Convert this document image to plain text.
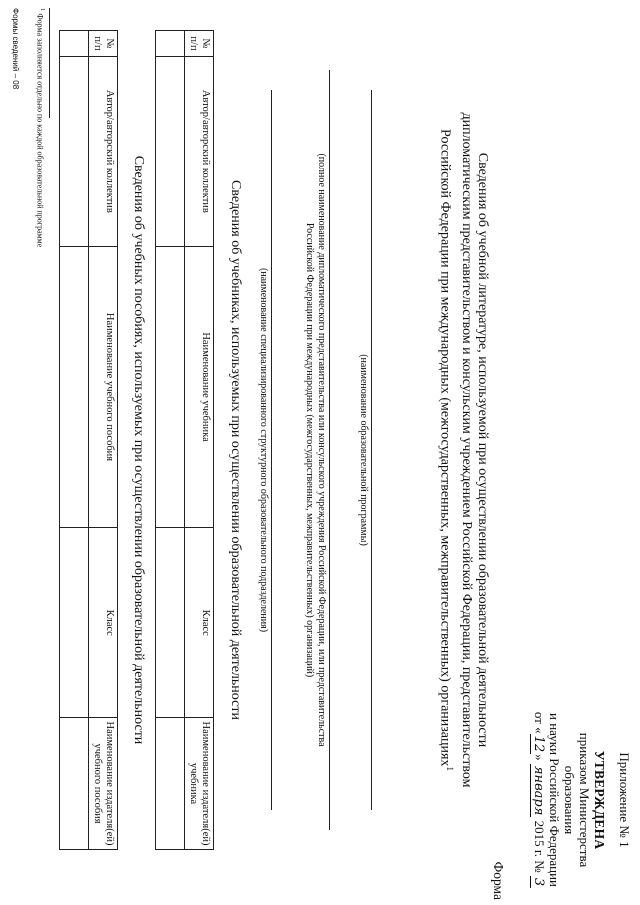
Приложение № 1
УТВЕРЖДЕНА
приказом Министерства образования
и науки Российской Федерации
от «12» января 2015 г. № 3
Форма
Сведения об учебной литературе, используемой при осуществлении образовательной деятельности
дипломатическим представительством и консульским учреждением Российской Федерации, представительством
Российской Федерации при международных (межгосударственных, межправительственных) организациях$^1$
(наименование образовательной программы)
(полное наименование дипломатического представительства или консульского учреждения Российской Федерации, или представительства
Российской Федерации при международных (межгосударственных, межправительственных) организаций)
(наименование специализированного структурного образовательного подразделения)
Сведения об учебниках, используемых при осуществлении образовательной деятельности
№ п/п	Автор/авторский коллектив	Наименование учебника	Класс	Наименование издателя(ей) учебника

Сведения об учебных пособиях, используемых при осуществлении образовательной деятельности
№ п/п	Автор/авторский коллектив	Наименование учебного пособия	Класс	Наименование издателя(ей) учебного пособия

$^1$ Форма заполняется отдельно по каждой образовательной программе
Формы сведений – 08
